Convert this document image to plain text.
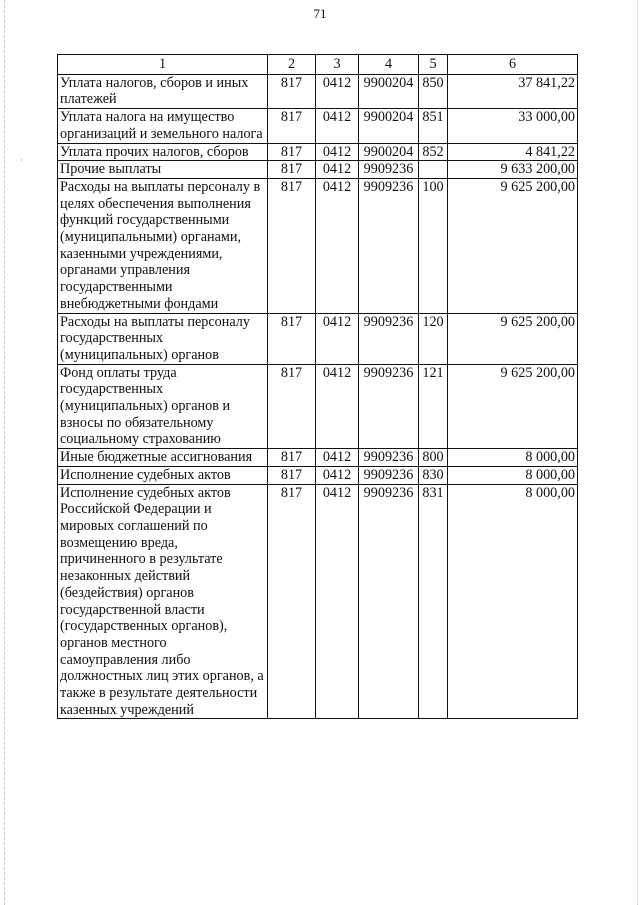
·
71
1	2	3	4	5	6
Уплата налогов, сборов и иных платежей	817	0412	9900204	850	37 841,22
Уплата налога на имущество организаций и земельного налога	817	0412	9900204	851	33 000,00
Уплата прочих налогов, сборов	817	0412	9900204	852	4 841,22
Прочие выплаты	817	0412	9909236		9 633 200,00
Расходы на выплаты персоналу в целях обеспечения выполнения функций государственными (муниципальными) органами, казенными учреждениями, органами управления государственными внебюджетными фондами	817	0412	9909236	100	9 625 200,00
Расходы на выплаты персоналу государственных (муниципальных) органов	817	0412	9909236	120	9 625 200,00
Фонд оплаты труда государственных (муниципальных) органов и взносы по обязательному социальному страхованию	817	0412	9909236	121	9 625 200,00
Иные бюджетные ассигнования	817	0412	9909236	800	8 000,00
Исполнение судебных актов	817	0412	9909236	830	8 000,00
Исполнение судебных актов Российской Федерации и мировых соглашений по возмещению вреда, причиненного в результате незаконных действий (бездействия) органов государственной власти (государственных органов), органов местного самоуправления либо должностных лиц этих органов, а также в результате деятельности казенных учреждений	817	0412	9909236	831	8 000,00
